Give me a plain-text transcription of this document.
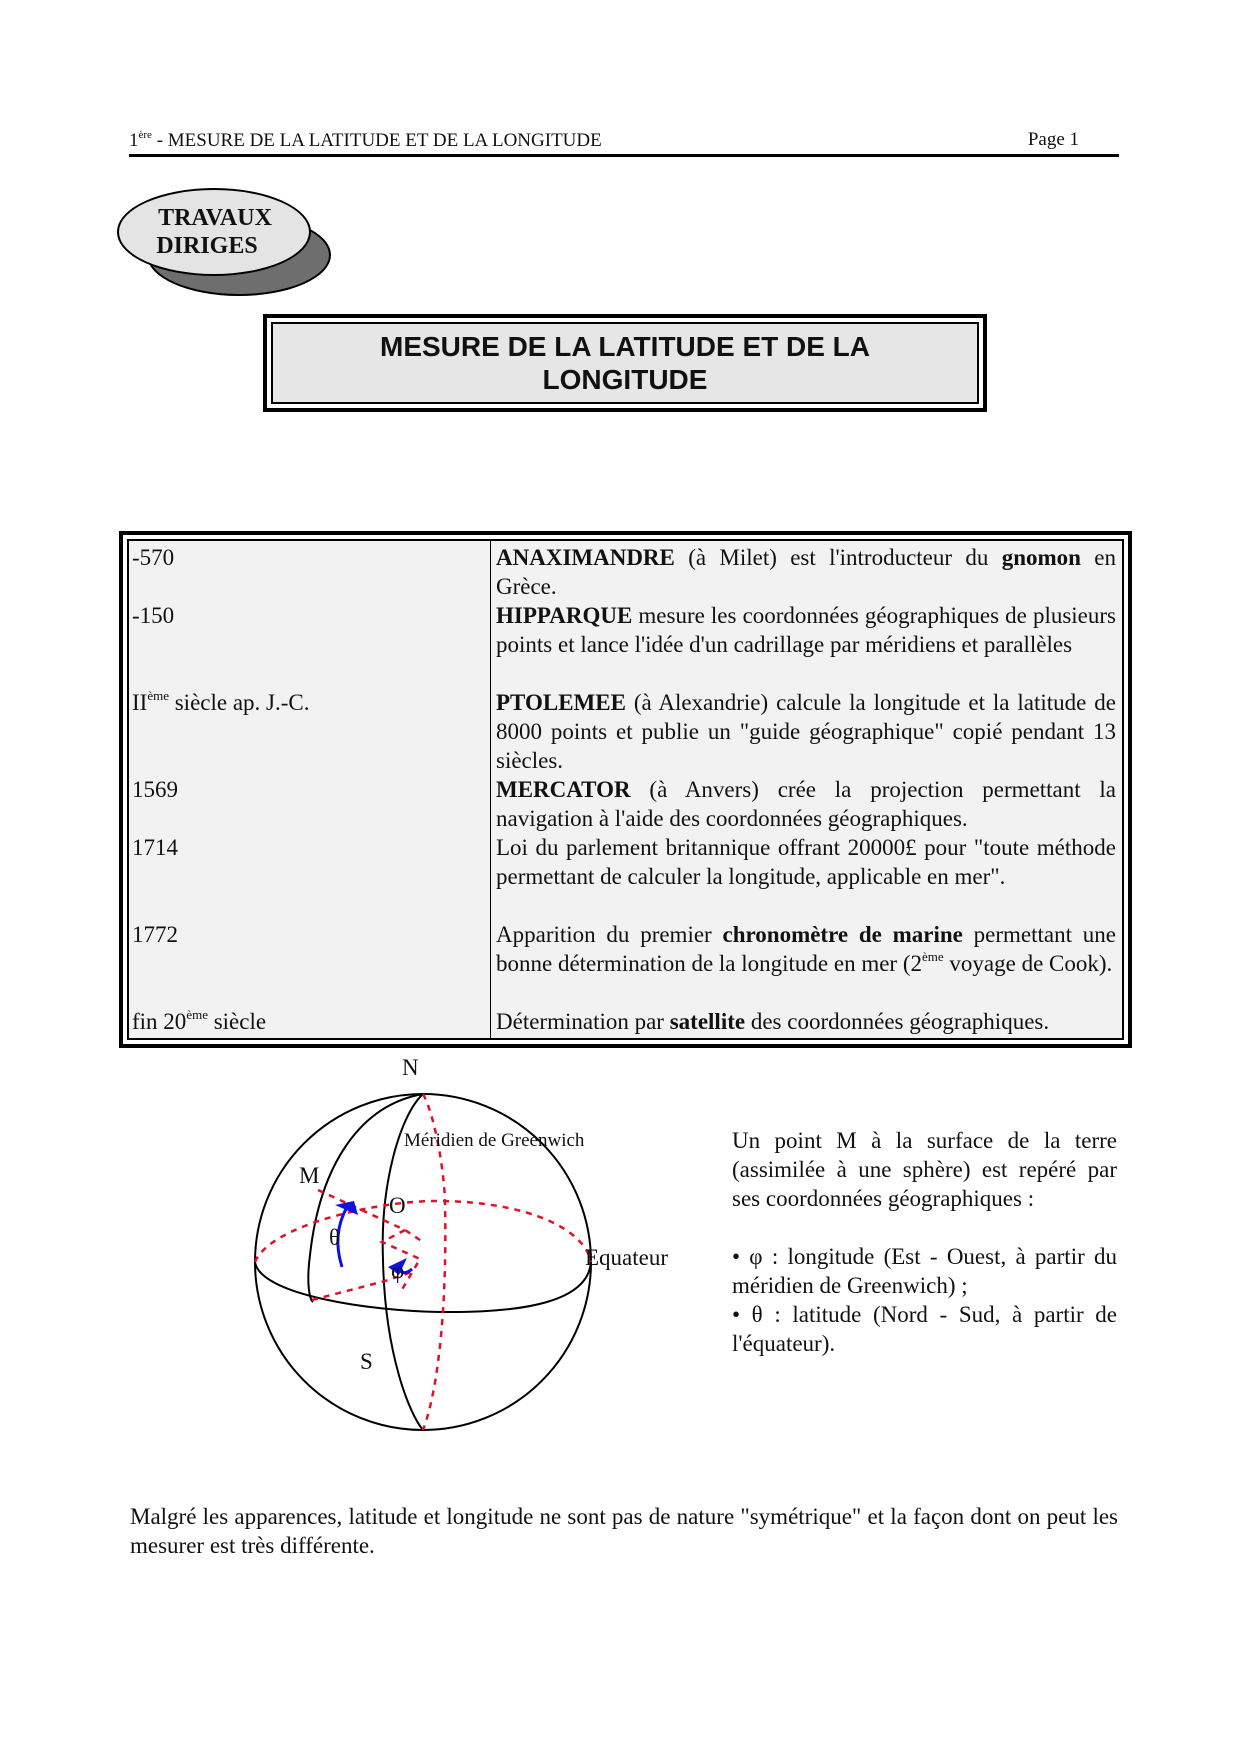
1ère - MESURE DE LA LATITUDE ET DE LA LONGITUDE	Page 1
TRAVAUX
DIRIGES
MESURE DE LA LATITUDE ET DE LA
LONGITUDE
-570	ANAXIMANDRE (à Milet) est l'introducteur du gnomon en Grèce.
-150	HIPPARQUE mesure les coordonnées géographiques de plusieurs points et lance l'idée d'un cadrillage par méridiens et parallèles
IIème siècle ap. J.-C.	PTOLEMEE (à Alexandrie) calcule la longitude et la latitude de 8000 points et publie un "guide géographique" copié pendant 13 siècles.
1569	MERCATOR (à Anvers) crée la projection permettant la navigation à l'aide des coordonnées géographiques.
1714	Loi du parlement britannique offrant 20000£ pour "toute méthode permettant de calculer la longitude, applicable en mer".
1772	Apparition du premier chronomètre de marine permettant une bonne détermination de la longitude en mer (2ème voyage de Cook).
fin 20ème siècle	Détermination par satellite des coordonnées géographiques.
N
Méridien de Greenwich
M
O
θ
φ
Equateur
S

Un point M à la surface de la terre (assimilée à une sphère) est repéré par ses coordonnées géographiques :

• φ : longitude (Est - Ouest, à partir du méridien de Greenwich) ;

• θ : latitude (Nord - Sud, à partir de l'équateur).

Malgré les apparences, latitude et longitude ne sont pas de nature "symétrique" et la façon dont on peut les mesurer est très différente.
